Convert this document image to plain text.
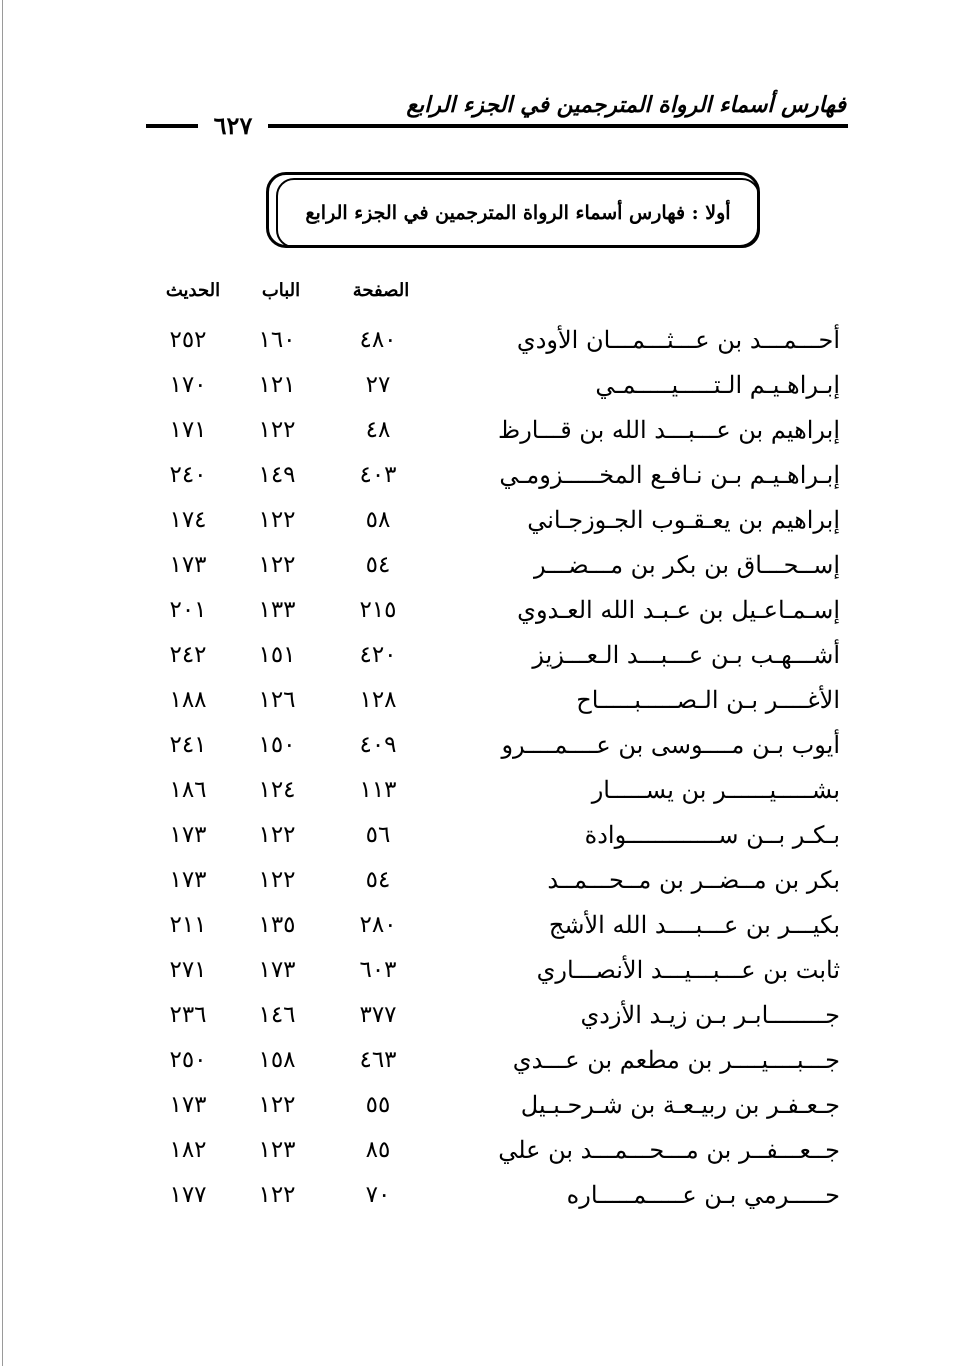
فهارس أسماء الرواة المترجمين في الجزء الرابع
٦٢٧
أولا : فهارس أسماء الرواة المترجمين في الجزء الرابع
الصفحة
الباب
الحديث
أحـــمـــد بن عـــثـــمـــان الأودي
٤٨٠
١٦٠
٢٥٢
إبـراهـيـم الـتـــــيـــــمـي
٢٧
١٢١
١٧٠
إبراهيم بن عـــبـــد الله بن قـــارظ
٤٨
١٢٢
١٧١
إبـراهـيـم بـن نـافـع المخـــــزومـي
٤٠٣
١٤٩
٢٤٠
إبراهيم بن يعـقـوب الجـوزجـاني
٥٨
١٢٢
١٧٤
إســحـــاق بن بكر بن مـــضـــر
٥٤
١٢٢
١٧٣
إسـمـاعـيل بن عـبـد الله العـدوي
٢١٥
١٣٣
٢٠١
أشـــهـب بـن عـــبـــد الـعـــزيز
٤٢٠
١٥١
٢٤٢
الأغــــر بـن الـصـــــبـــــاح
١٢٨
١٢٦
١٨٨
أيوب بـن مــــوسى بن عــــمــــرو
٤٠٩
١٥٠
٢٤١
بشـــــيــــــر بن يســـــار
١١٣
١٢٤
١٨٦
بـكـر بــن ســـــــــــــوادة
٥٦
١٢٢
١٧٣
بكر بن مــضــر بن مــحـــمــد
٥٤
١٢٢
١٧٣
بكيـــر بن عـــبــــد الله الأشج
٢٨٠
١٣٥
٢١١
ثابت بن عـــبـــيـــد الأنصـــاري
٦٠٣
١٧٣
٢٧١
جــــــــابـر بـن زيـد الأزدي
٣٧٧
١٤٦
٢٣٦
جـــبــــيــــر بن مطعم بن عـــدي
٤٦٣
١٥٨
٢٥٠
جـعـفـر بن ربيـعـة بن شـرحـبـيل
٥٥
١٢٢
١٧٣
جــعـــفــر بن مـــحـــمـــد بن علي
٨٥
١٢٣
١٨٢
حـــــرمي بـن عـــــمـــــاره
٧٠
١٢٢
١٧٧
